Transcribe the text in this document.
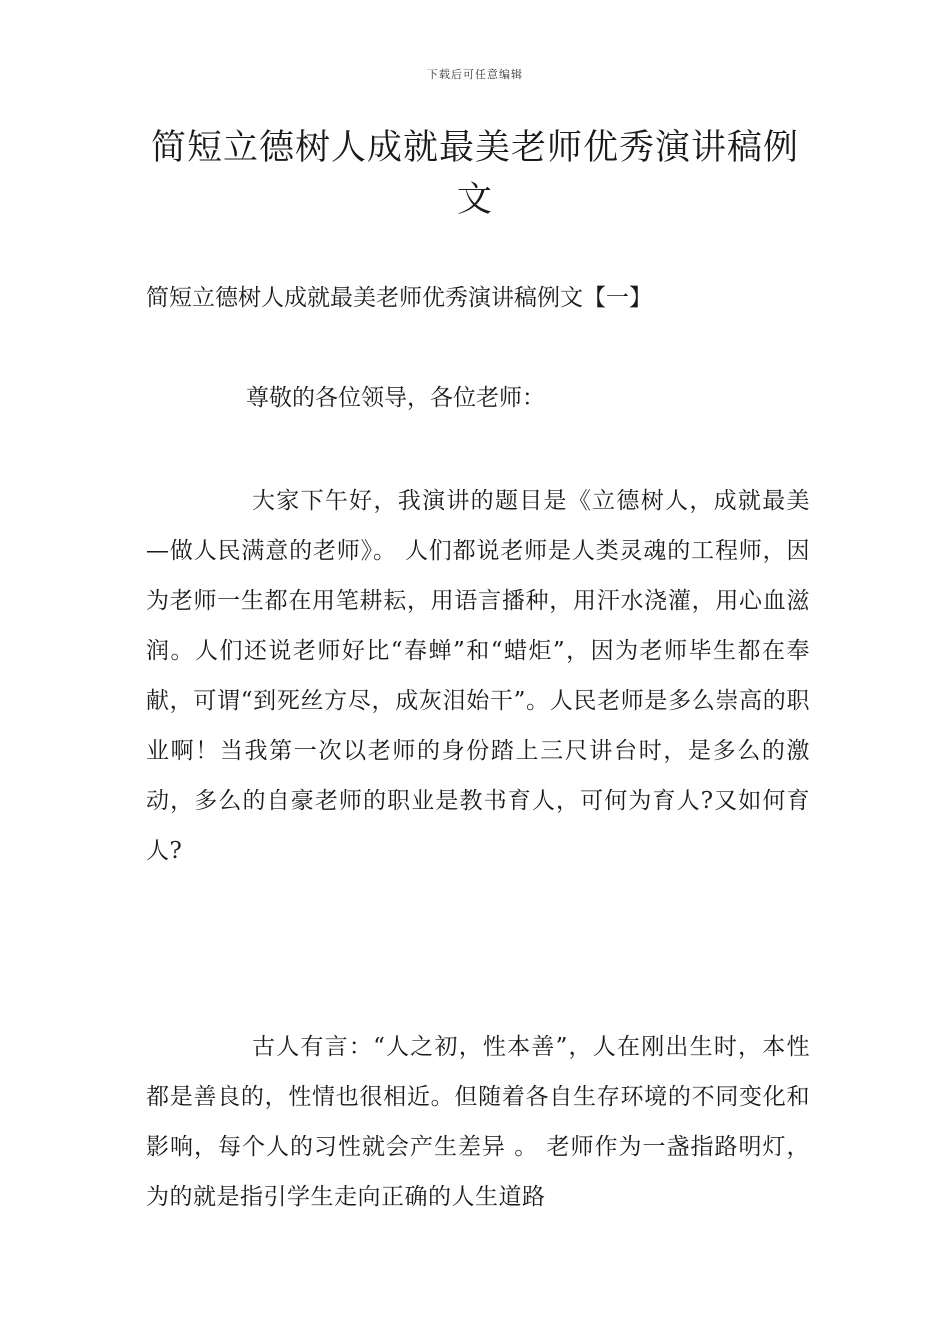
下载后可任意编辑
简短立德树人成就最美老师优秀演讲稿例文

简短立德树人成就最美老师优秀演讲稿例文【一】

尊敬的各位领导，各位老师：

大家下午好，我演讲的题目是《立德树人，成就最美—做人民满意的老师》。 人们都说老师是人类灵魂的工程师，因为老师一生都在用笔耕耘，用语言播种，用汗水浇灌，用心血滋润。人们还说老师好比“春蝉”和“蜡炬”，因为老师毕生都在奉献，可谓“到死丝方尽，成灰泪始干”。人民老师是多么崇高的职业啊！当我第一次以老师的身份踏上三尺讲台时，是多么的激动，多么的自豪老师的职业是教书育人，可何为育人?又如何育人?

古人有言：“人之初，性本善”，人在刚出生时，本性都是善良的，性情也很相近。但随着各自生存环境的不同变化和影响，每个人的习性就会产生差异 。 老师作为一盏指路明灯，为的就是指引学生走向正确的人生道路
